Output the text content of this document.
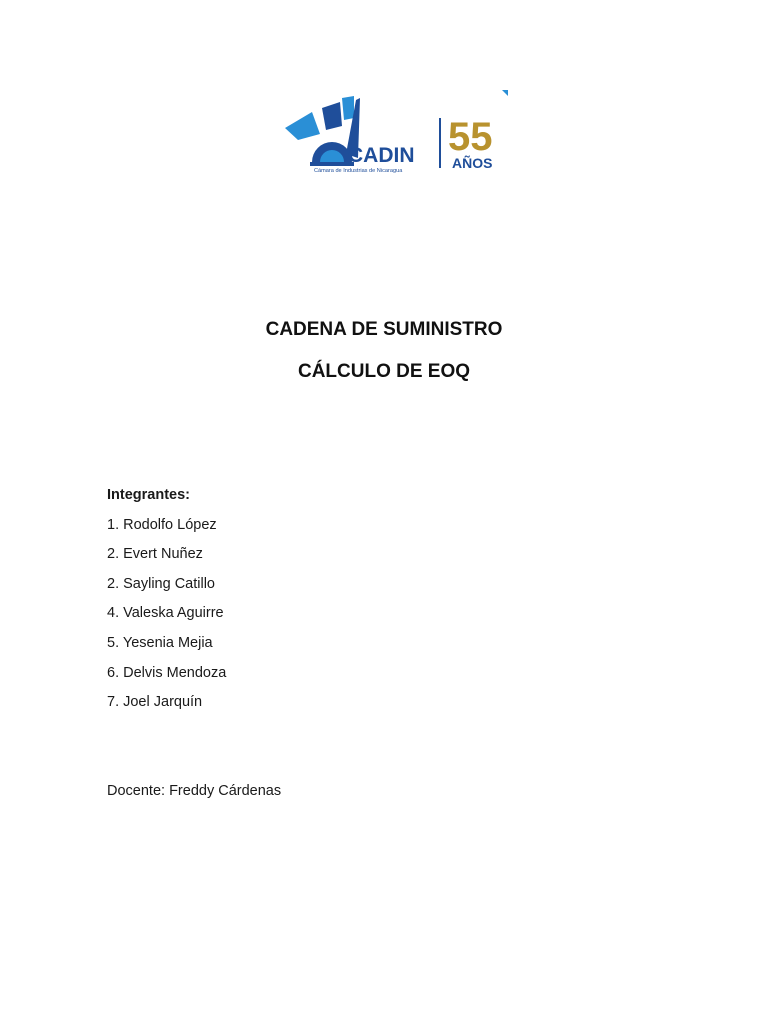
CADIN
Cámara de Industrias de Nicaragua
55
AÑOS
CADENA DE SUMINISTRO
CÁLCULO DE EOQ
Integrantes:
1. Rodolfo López
2. Evert Nuñez
2. Sayling Catillo
4. Valeska Aguirre
5. Yesenia Mejia
6. Delvis Mendoza
7. Joel Jarquín
Docente: Freddy Cárdenas
